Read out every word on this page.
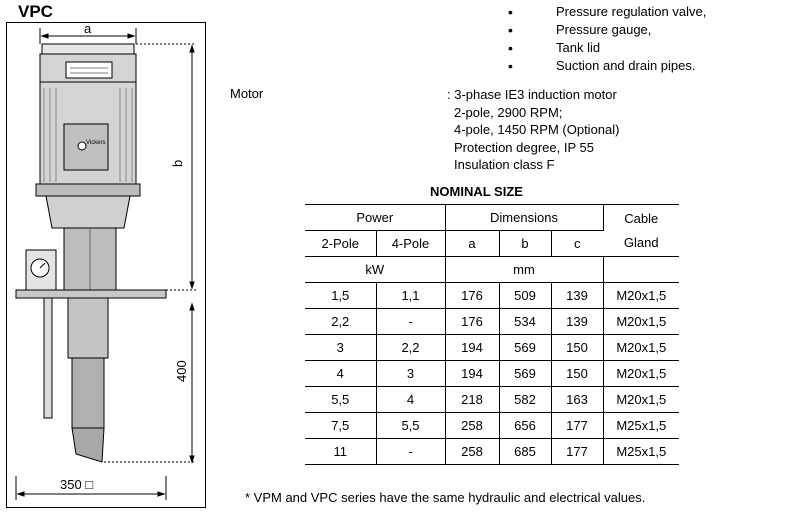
VPC
a
b
400
350 □
Vickers
• Pressure regulation valve,
• Pressure gauge,
• Tank lid
• Suction and drain pipes.
Motor	: 3-phase IE3 induction motor
2-pole, 2900 RPM;
4-pole, 1450 RPM (Optional)
Protection degree, IP 55
Insulation class F
NOMINAL SIZE
Power		Dimensions			Cable
Gland

2-Pole	4-Pole	a	b	c	
kW		mm			
1,5	1,1	176	509	139	M20x1,5
2,2	-	176	534	139	M20x1,5
3	2,2	194	569	150	M20x1,5
4	3	194	569	150	M20x1,5
5,5	4	218	582	163	M20x1,5
7,5	5,5	258	656	177	M25x1,5
11	-	258	685	177	M25x1,5
* VPM and VPC series have the same hydraulic and electrical values.
